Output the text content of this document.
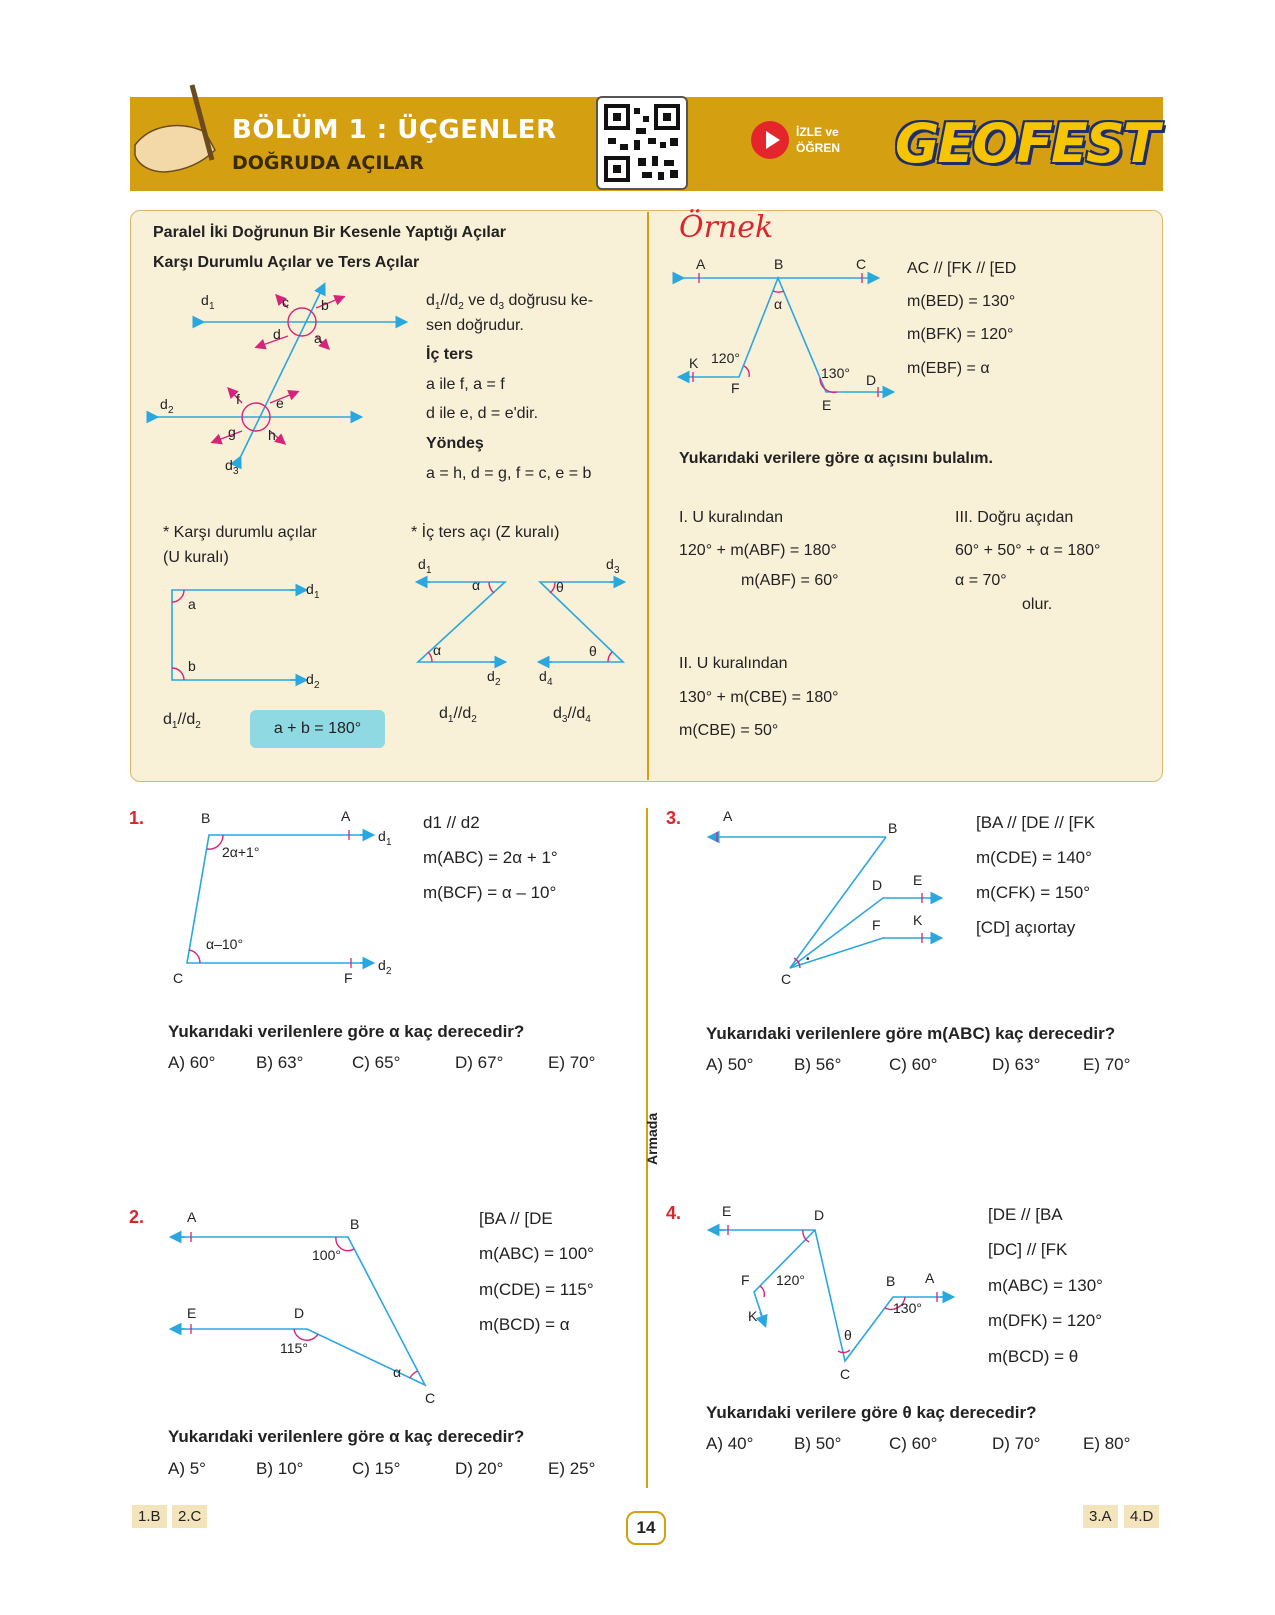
BÖLÜM 1 : ÜÇGENLER
DOĞRUDA AÇILAR
İZLE ve
ÖĞREN GEOFEST
Paralel İki Doğrunun Bir Kesenle Yaptığı Açılar
Karşı Durumlu Açılar ve Ters Açılar
d 1
d 2
d 3
c b
d a
f	e
g h
d 1
d 2
a
b
d 1	d 3
d 2	d 4
α
α
θ
θ
A	B	C
K
F
E
D
α
120°
130°
B	A
d 1
d 2
C	F
2α+1°
α–10°
A
B
D E
F K
C
•
A	B
E	D
C
100°
115°
α
E	D
F
K
120°	B A
130°
θ
C
$d_1//d_2$ ve $d_3$ doğrusu ke-
sen doğrudur.
İç ters
a ile f, a = f
d ile e, d = e'dir.
Yöndeş
a = h, d = g, f = c, e = b
* Karşı durumlu açılar
(U kuralı)
* İç ters açı (Z kuralı)
$d_1//d_2$	a + b = 180°
$d_1//d_2$	$d_3//d_4$
Örnek
AC // [FK // [ED
m(BED) = 130°
m(BFK) = 120°
m(EBF) = α
Yukarıdaki verilere göre α açısını bulalım.
I. U kuralından
120° + m(ABF) = 180°
m(ABF) = 60°
II. U kuralından
130° + m(CBE) = 180°
m(CBE) = 50°
III. Doğru açıdan
60° + 50° + α = 180°
α = 70°
olur.
1.	d1 // d2
m(ABC) = 2α + 1°
m(BCF) = α – 10°
Yukarıdaki verilenlere göre α kaç derecedir?
A) 60° B) 63°	C) 65°	D) 67°	E) 70°
3.	[BA // [DE // [FK
m(CDE) = 140°
m(CFK) = 150°
[CD] açıortay
Yukarıdaki verilenlere göre m(ABC) kaç derecedir?
A) 50° B) 56°	C) 60°	D) 63°	E) 70°
2.	[BA // [DE
m(ABC) = 100°
m(CDE) = 115°
m(BCD) = α
Yukarıdaki verilenlere göre α kaç derecedir?
A) 5°	B) 10°	C) 15°	D) 20°	E) 25°
4.	[DE // [BA
[DC] // [FK
m(ABC) = 130°
m(DFK) = 120°
m(BCD) = θ
Yukarıdaki verilere göre θ kaç derecedir?
A) 40° B) 50°	C) 60°	D) 70°	E) 80°
Armada
1.B	2.C	3.A	4.D
14
